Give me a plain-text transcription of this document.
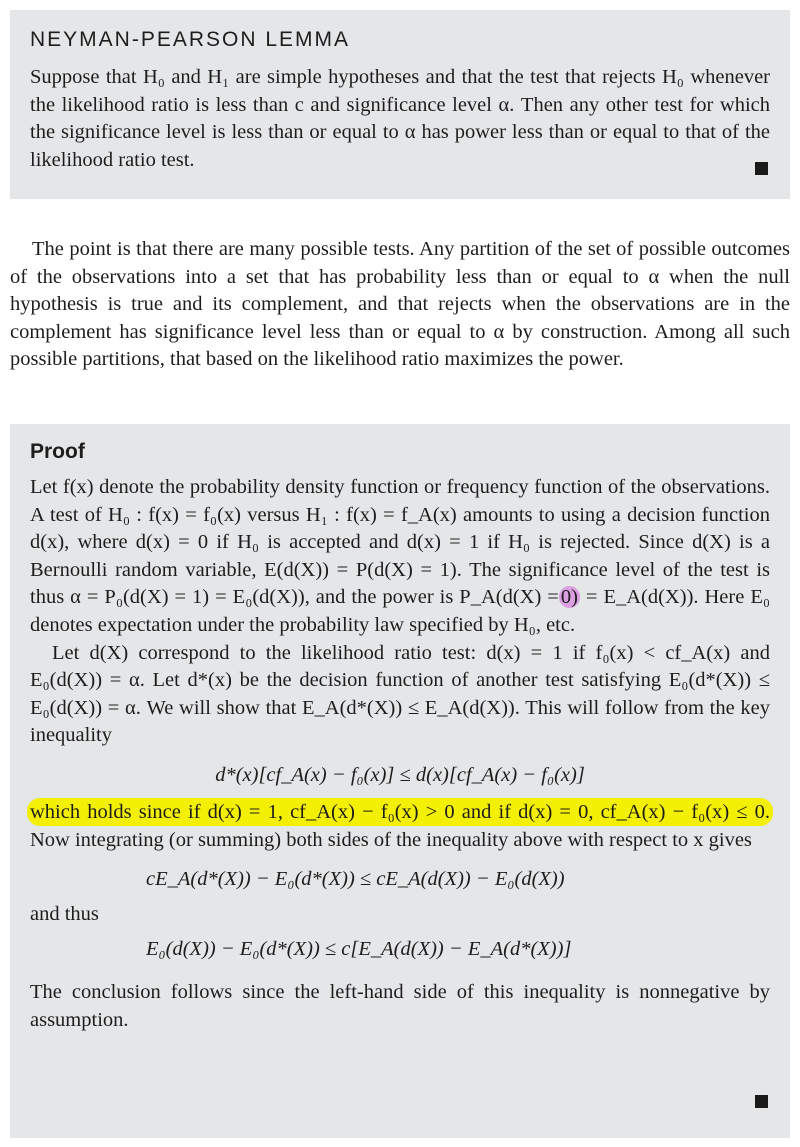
NEYMAN-PEARSON LEMMA

Suppose that H₀ and H₁ are simple hypotheses and that the test that rejects H₀ whenever the likelihood ratio is less than c and significance level α. Then any other test for which the significance level is less than or equal to α has power less than or equal to that of the likelihood ratio test.

The point is that there are many possible tests. Any partition of the set of possible outcomes of the observations into a set that has probability less than or equal to α when the null hypothesis is true and its complement, and that rejects when the observations are in the complement has significance level less than or equal to α by construction. Among all such possible partitions, that based on the likelihood ratio maximizes the power.

Proof

Let f(x) denote the probability density function or frequency function of the observations. A test of H₀ : f(x) = f₀(x) versus H₁ : f(x) = f_A(x) amounts to using a decision function d(x), where d(x) = 0 if H₀ is accepted and d(x) = 1 if H₀ is rejected. Since d(X) is a Bernoulli random variable, E(d(X)) = P(d(X) = 1). The significance level of the test is thus α = P₀(d(X) = 1) = E₀(d(X)), and the power is P_A(d(X) =0) = E_A(d(X)). Here E₀ denotes expectation under the probability law specified by H₀, etc.

Let d(X) correspond to the likelihood ratio test: d(x) = 1 if f₀(x) < cf_A(x) and E₀(d(X)) = α. Let d*(x) be the decision function of another test satisfying E₀(d*(X)) ≤ E₀(d(X)) = α. We will show that E_A(d*(X)) ≤ E_A(d(X)). This will follow from the key inequality

d*(x)[cf_A(x) − f₀(x)] ≤ d(x)[cf_A(x) − f₀(x)]

which holds since if d(x) = 1, cf_A(x) − f₀(x) > 0 and if d(x) = 0, cf_A(x) − f₀(x) ≤ 0. Now integrating (or summing) both sides of the inequality above with respect to x gives

cE_A(d*(X)) − E₀(d*(X)) ≤ cE_A(d(X)) − E₀(d(X))

and thus

E₀(d(X)) − E₀(d*(X)) ≤ c[E_A(d(X)) − E_A(d*(X))]

The conclusion follows since the left-hand side of this inequality is nonnegative by assumption.
